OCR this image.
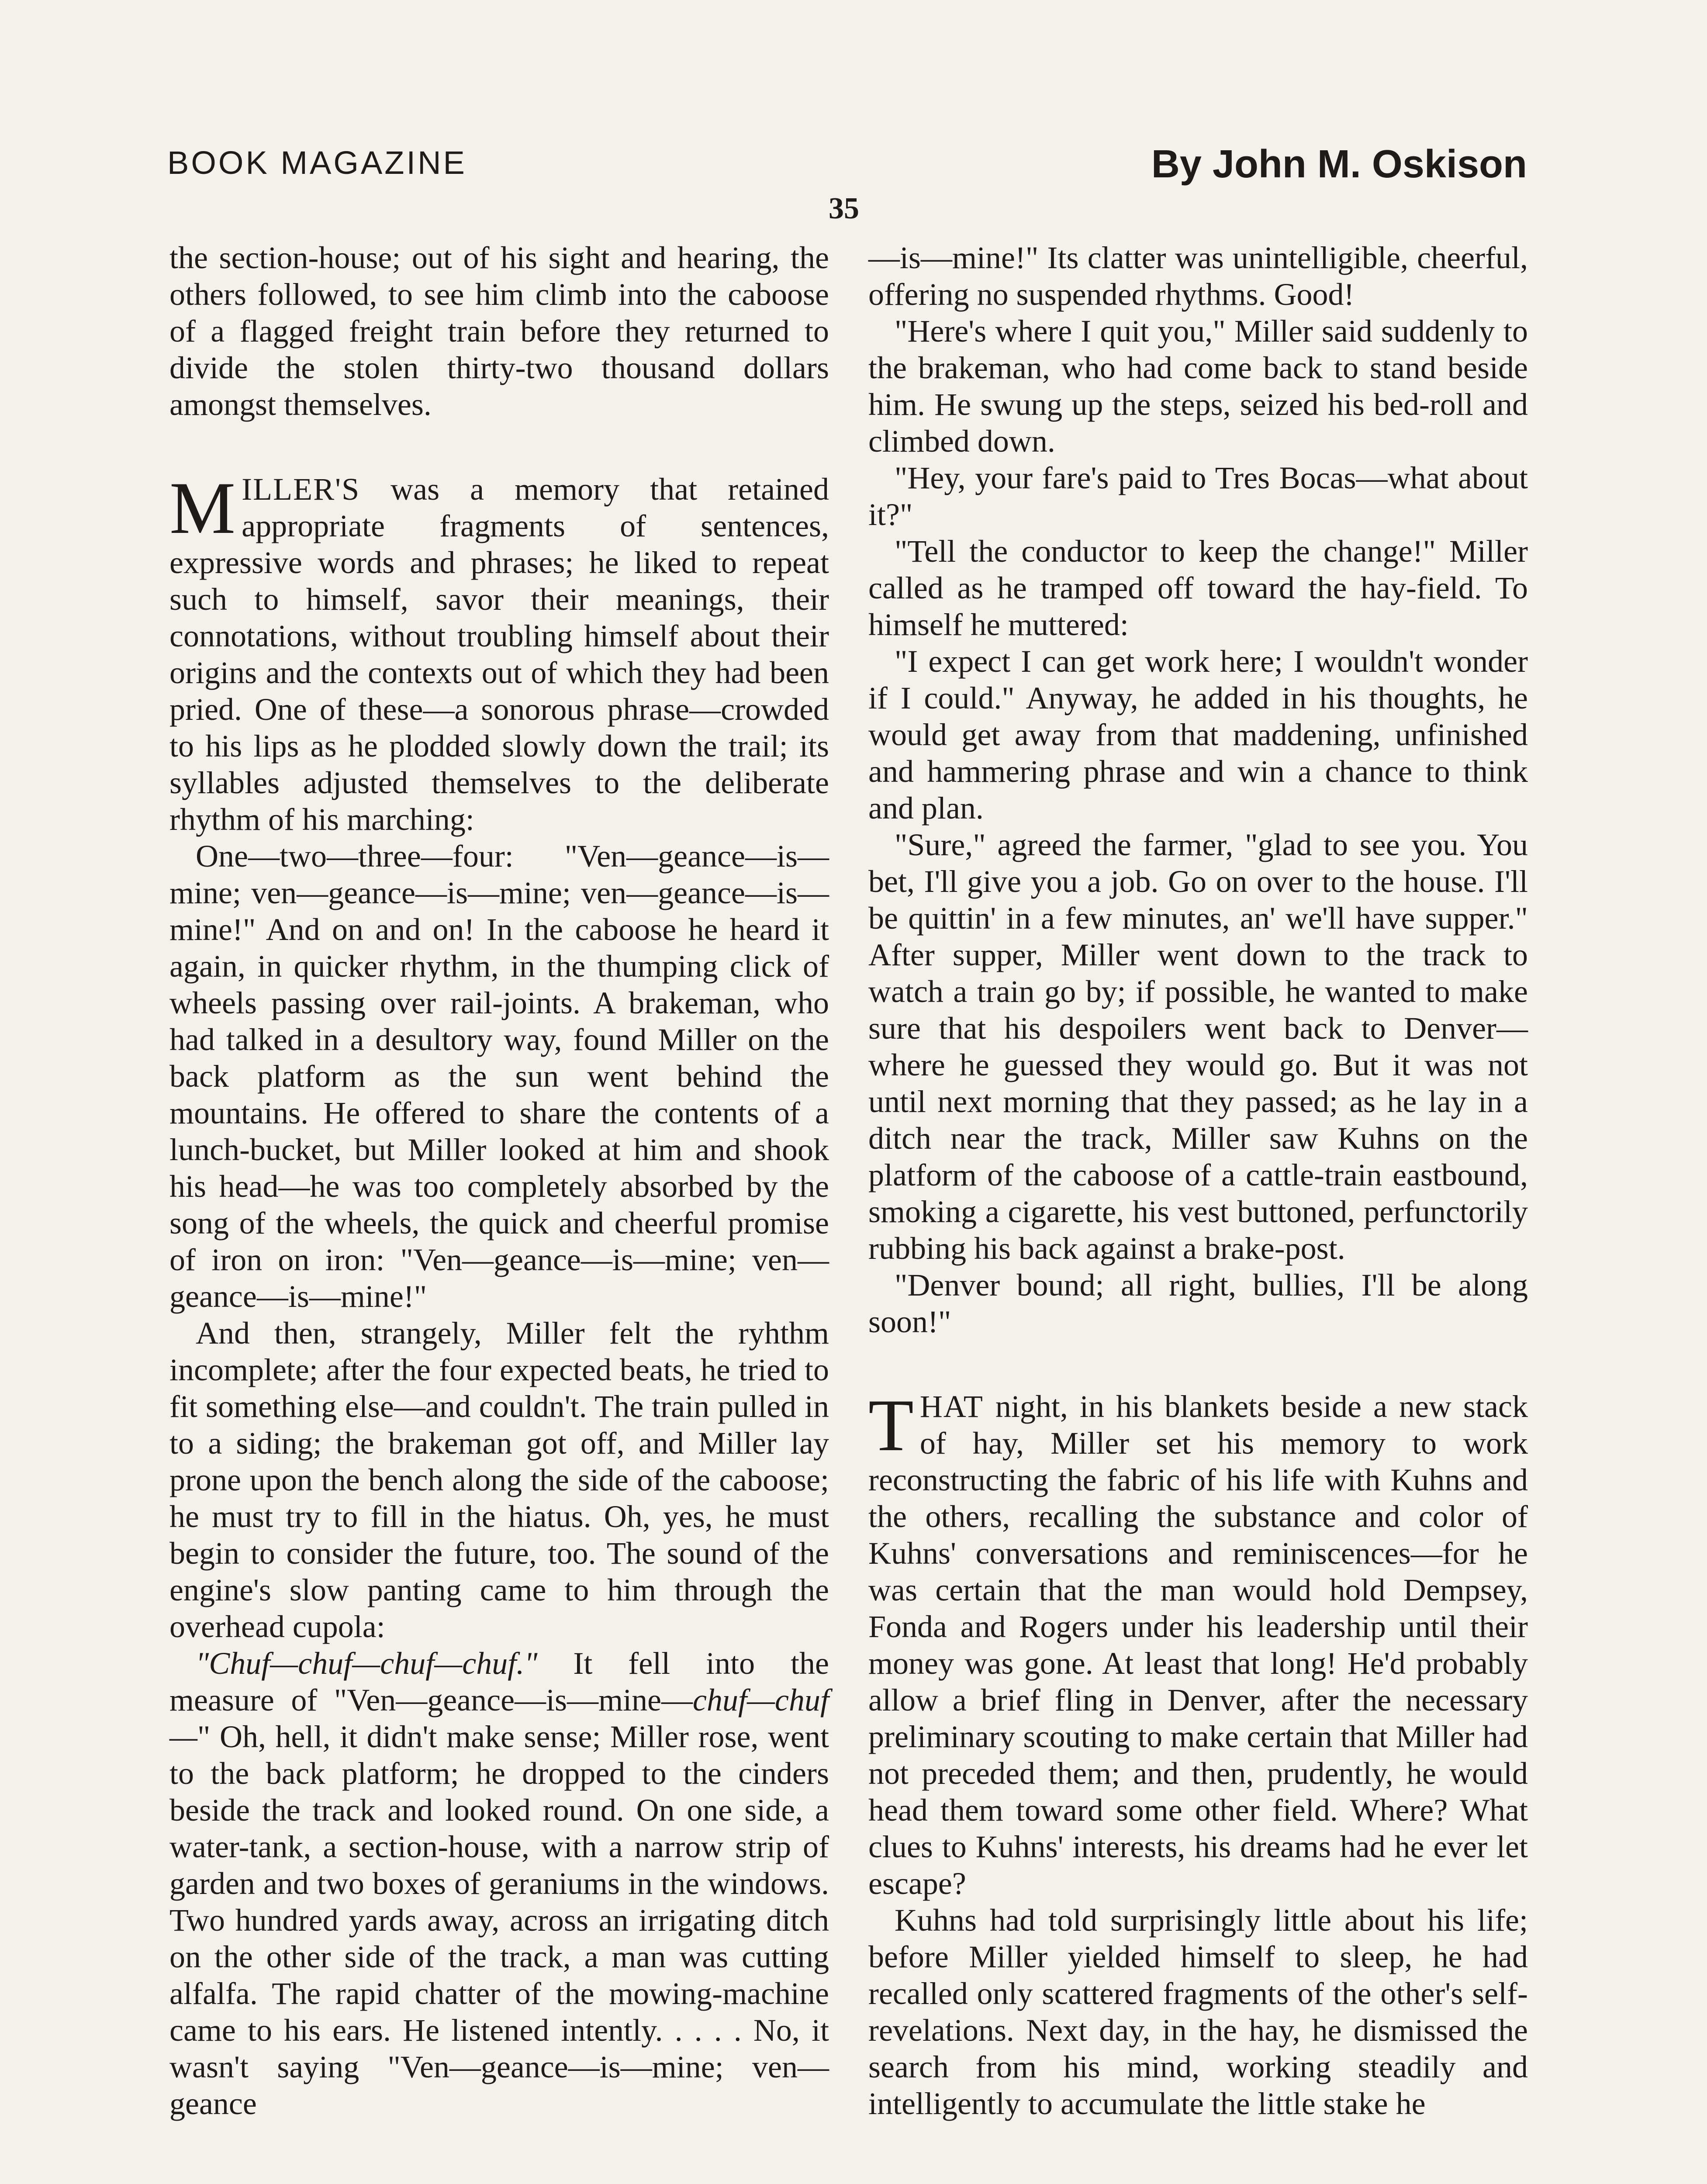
BOOK MAGAZINE	By John M. Oskison
35

the section-house; out of his sight and hearing, the others followed, to see him climb into the caboose of a flagged freight train before they returned to divide the stolen thirty-two thousand dollars amongst themselves.

MILLER'S was a memory that retained appropriate fragments of sentences, expressive words and phrases; he liked to repeat such to himself, savor their meanings, their connotations, without troubling himself about their origins and the contexts out of which they had been pried. One of these—a sonorous phrase—crowded to his lips as he plodded slowly down the trail; its syllables adjusted themselves to the deliberate rhythm of his marching:

One—two—three—four: "Ven—geance—is—mine; ven—geance—is—mine; ven—geance—is—mine!" And on and on! In the caboose he heard it again, in quicker rhythm, in the thumping click of wheels passing over rail-joints. A brakeman, who had talked in a desultory way, found Miller on the back platform as the sun went behind the mountains. He offered to share the contents of a lunch-bucket, but Miller looked at him and shook his head—he was too completely absorbed by the song of the wheels, the quick and cheerful promise of iron on iron: "Ven—geance—is—mine; ven—geance—is—mine!"

And then, strangely, Miller felt the ryhthm incomplete; after the four expected beats, he tried to fit something else—and couldn't. The train pulled in to a siding; the brakeman got off, and Miller lay prone upon the bench along the side of the caboose; he must try to fill in the hiatus. Oh, yes, he must begin to consider the future, too. The sound of the engine's slow panting came to him through the overhead cupola:

"Chuf—chuf—chuf—chuf." It fell into the measure of "Ven—geance—is—mine—chuf—chuf—" Oh, hell, it didn't make sense; Miller rose, went to the back platform; he dropped to the cinders beside the track and looked round. On one side, a water-tank, a section-house, with a narrow strip of garden and two boxes of geraniums in the windows. Two hundred yards away, across an irrigating ditch on the other side of the track, a man was cutting alfalfa. The rapid chatter of the mowing-machine came to his ears. He listened intently. . . . . No, it wasn't saying "Ven—geance—is—mine; ven—geance

—is—mine!" Its clatter was unintelligible, cheerful, offering no suspended rhythms. Good!

"Here's where I quit you," Miller said suddenly to the brakeman, who had come back to stand beside him. He swung up the steps, seized his bed-roll and climbed down.

"Hey, your fare's paid to Tres Bocas—what about it?"

"Tell the conductor to keep the change!" Miller called as he tramped off toward the hay-field. To himself he muttered:

"I expect I can get work here; I wouldn't wonder if I could." Anyway, he added in his thoughts, he would get away from that maddening, unfinished and hammering phrase and win a chance to think and plan.

"Sure," agreed the farmer, "glad to see you. You bet, I'll give you a job. Go on over to the house. I'll be quittin' in a few minutes, an' we'll have supper." After supper, Miller went down to the track to watch a train go by; if possible, he wanted to make sure that his despoilers went back to Denver—where he guessed they would go. But it was not until next morning that they passed; as he lay in a ditch near the track, Miller saw Kuhns on the platform of the caboose of a cattle-train eastbound, smoking a cigarette, his vest buttoned, perfunctorily rubbing his back against a brake-post.

"Denver bound; all right, bullies, I'll be along soon!"

THAT night, in his blankets beside a new stack of hay, Miller set his memory to work reconstructing the fabric of his life with Kuhns and the others, recalling the substance and color of Kuhns' conversations and reminiscences—for he was certain that the man would hold Dempsey, Fonda and Rogers under his leadership until their money was gone. At least that long! He'd probably allow a brief fling in Denver, after the necessary preliminary scouting to make certain that Miller had not preceded them; and then, prudently, he would head them toward some other field. Where? What clues to Kuhns' interests, his dreams had he ever let escape?

Kuhns had told surprisingly little about his life; before Miller yielded himself to sleep, he had recalled only scattered fragments of the other's self-revelations. Next day, in the hay, he dismissed the search from his mind, working steadily and intelligently to accumulate the little stake he
